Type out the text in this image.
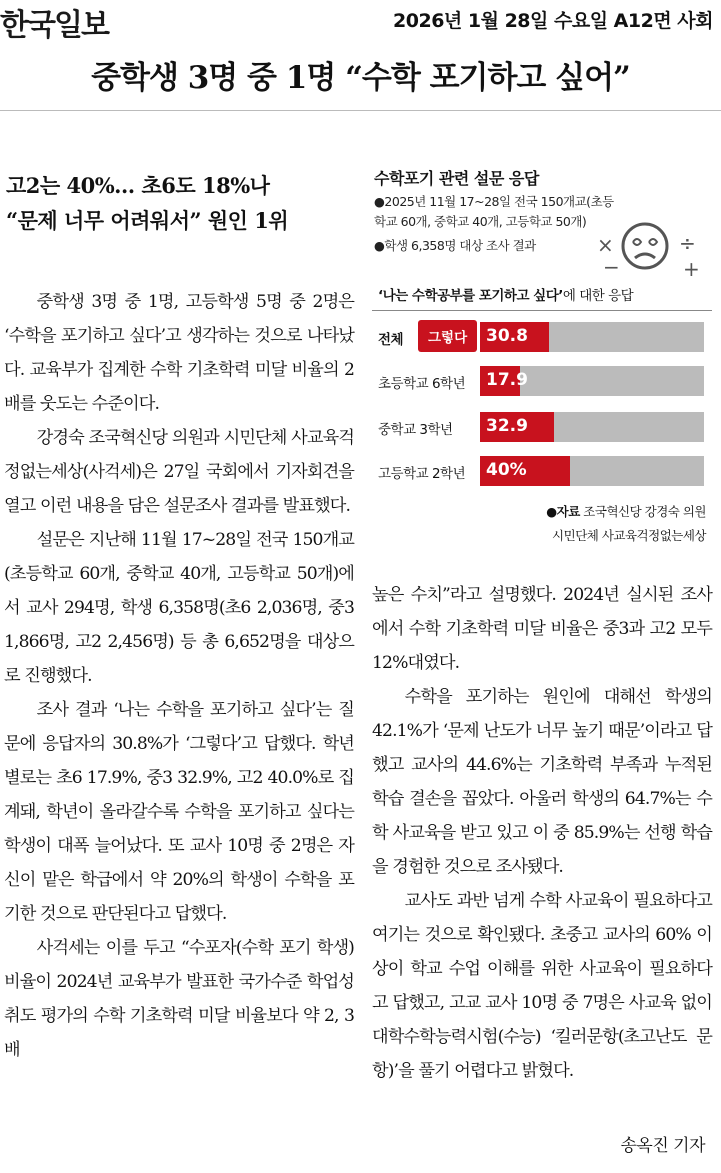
한국일보	2026년 1월 28일 수요일 A12면 사회
중학생 3명 중 1명 “수학 포기하고 싶어”
고2는 40%… 초6도 18%나
“문제 너무 어려워서” 원인 1위

중학생 3명 중 1명, 고등학생 5명 중 2명은 ‘수학을 포기하고 싶다’고 생각하는 것으로 나타났다. 교육부가 집계한 수학 기초학력 미달 비율의 2배를 웃도는 수준이다.

강경숙 조국혁신당 의원과 시민단체 사교육걱정없는세상(사걱세)은 27일 국회에서 기자회견을 열고 이런 내용을 담은 설문조사 결과를 발표했다.

설문은 지난해 11월 17~28일 전국 150개교(초등학교 60개, 중학교 40개, 고등학교 50개)에서 교사 294명, 학생 6,358명(초6 2,036명, 중3 1,866명, 고2 2,456명) 등 총 6,652명을 대상으로 진행했다.

조사 결과 ‘나는 수학을 포기하고 싶다’는 질문에 응답자의 30.8%가 ‘그렇다’고 답했다. 학년별로는 초6 17.9%, 중3 32.9%, 고2 40.0%로 집계돼, 학년이 올라갈수록 수학을 포기하고 싶다는 학생이 대폭 늘어났다. 또 교사 10명 중 2명은 자신이 맡은 학급에서 약 20%의 학생이 수학을 포기한 것으로 판단된다고 답했다.

사걱세는 이를 두고 “수포자(수학 포기 학생) 비율이 2024년 교육부가 발표한 국가수준 학업성취도 평가의 수학 기초학력 미달 비율보다 약 2, 3배

수학포기 관련 설문 응답
●2025년 11월 17~28일 전국 150개교(초등학교 60개, 중학교 40개, 고등학교 50개)
●학생 6,358명 대상 조사 결과	×
−
÷
+
‘나는 수학공부를 포기하고 싶다’에 대한 응답
전체	30.8
그렇다
초등학교 6학년 17.9
중학교 3학년 32.9
고등학교 2학년 40%
●자료 조국혁신당 강경숙 의원
시민단체 사교육걱정없는세상

높은 수치”라고 설명했다. 2024년 실시된 조사에서 수학 기초학력 미달 비율은 중3과 고2 모두 12%대였다.

수학을 포기하는 원인에 대해선 학생의 42.1%가 ‘문제 난도가 너무 높기 때문’이라고 답했고 교사의 44.6%는 기초학력 부족과 누적된 학습 결손을 꼽았다. 아울러 학생의 64.7%는 수학 사교육을 받고 있고 이 중 85.9%는 선행 학습을 경험한 것으로 조사됐다.

교사도 과반 넘게 수학 사교육이 필요하다고 여기는 것으로 확인됐다. 초중고 교사의 60% 이상이 학교 수업 이해를 위한 사교육이 필요하다고 답했고, 고교 교사 10명 중 7명은 사교육 없이 대학수학능력시험(수능) ‘킬러문항(초고난도 문항)’을 풀기 어렵다고 밝혔다.

송옥진 기자
